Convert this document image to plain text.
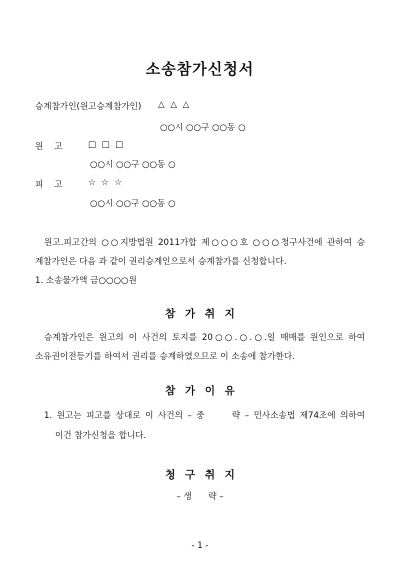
소송참가신청서
승계참가인(원고승계참가인) △ △ △
○○시 ○○구 ○○동 ○
원    고	□  □  □
○○시 ○○구 ○○동 ○
피    고	☆  ☆  ☆
○○시 ○○구 ○○동 ○
원고․피고간의 ○○지방법원 2011가합 제○○○호 ○○○청구사건에 관하여 승
계참가인은 다음 과 같이 권리승계인으로서 승계참가를 신청합니다.
1. 소송물가액 금○○○○원
참 가 취 지
승계참가인은 원고의 이 사건의 토지를 20○○.○.○.일 매매를 원인으로 하여
소유권이전등기를 하여서 권리를 승계하였으므로 이 소송에 참가한다.
참 가 이 유
1. 원고는 피고를 상대로 이 사건의 – 중      략 – 민사소송법 제74조에 의하여
이건 참가신청을 합니다.
청 구 취 지
– 생      략 –
- 1 -
